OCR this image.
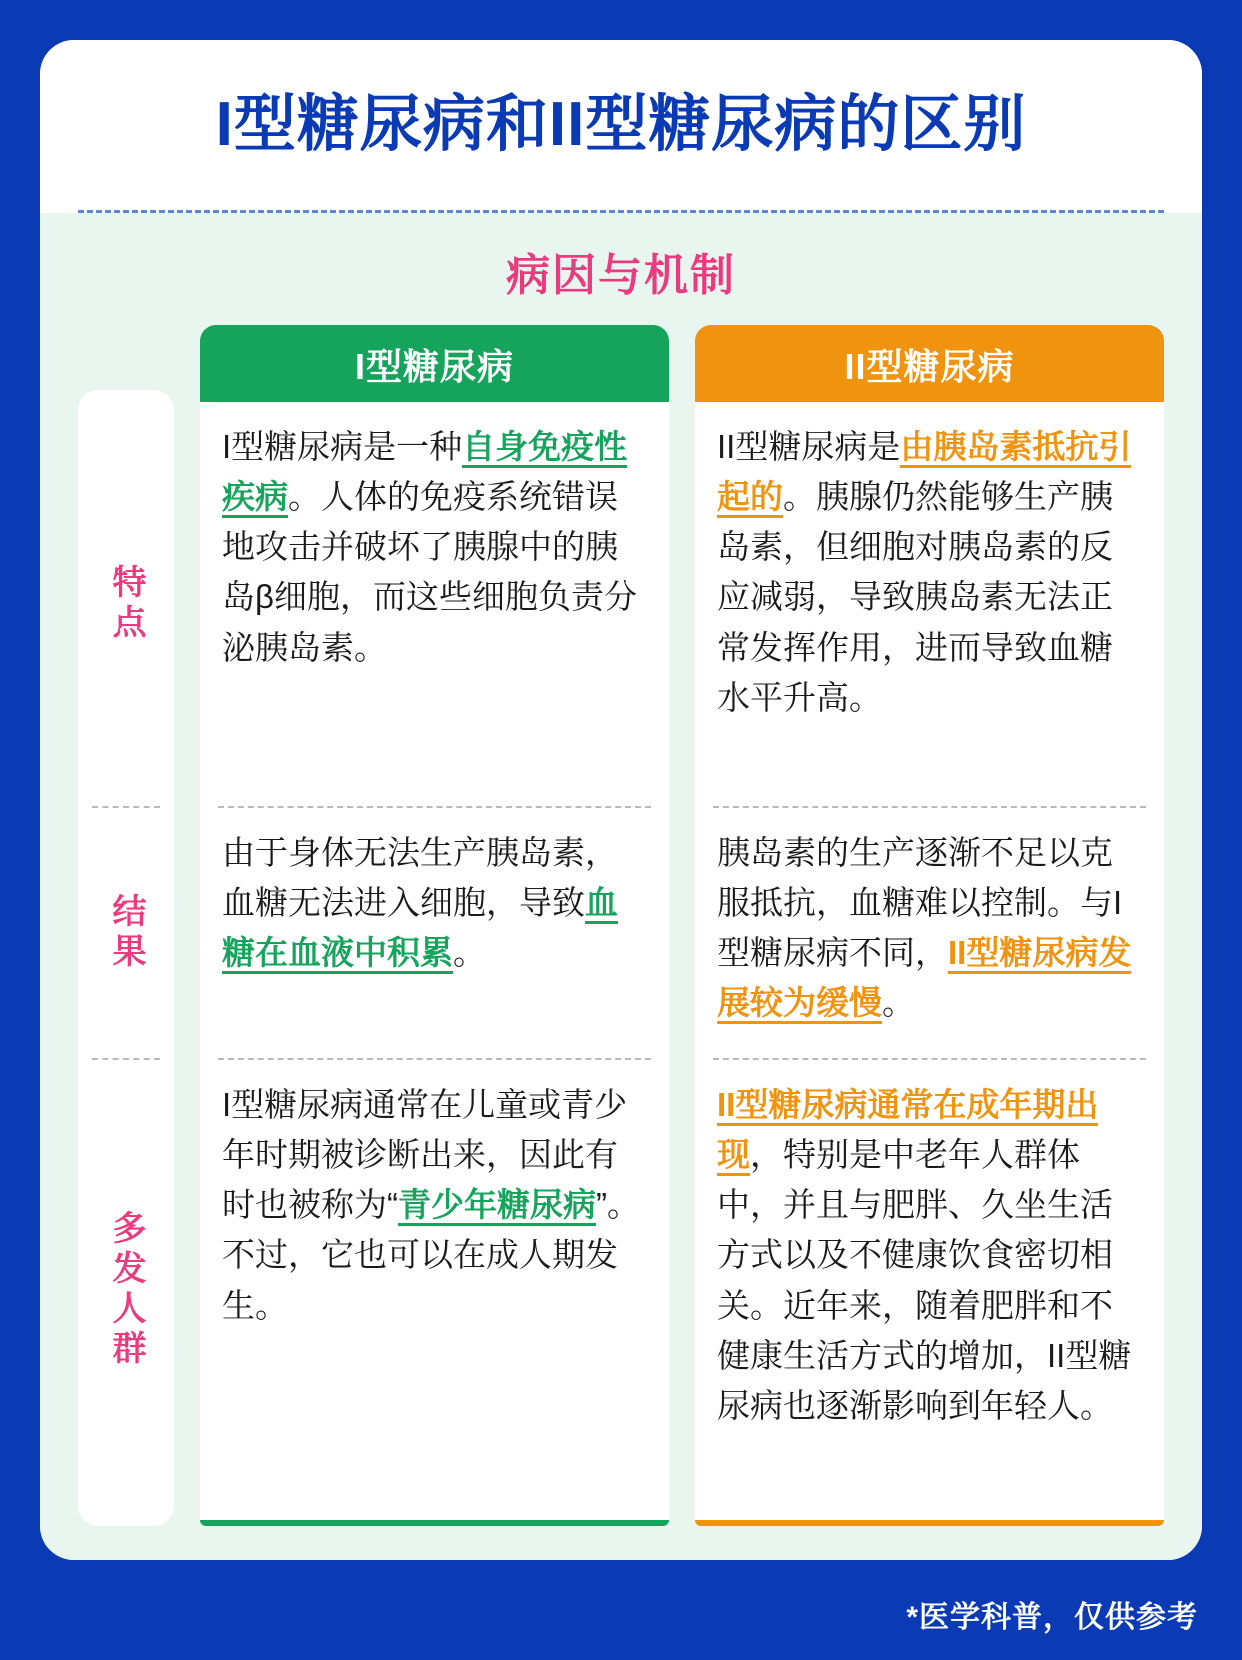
I型糖尿病和II型糖尿病的区别
病因与机制
I型糖尿病	II型糖尿病
特点
结果
多发人群
I型糖尿病是一种自身免疫性疾病。人体的免疫系统错误地攻击并破坏了胰腺中的胰岛β细胞，而这些细胞负责分泌胰岛素。
由于身体无法生产胰岛素，血糖无法进入细胞，导致血糖在血液中积累。
I型糖尿病通常在儿童或青少年时期被诊断出来，因此有时也被称为“青少年糖尿病”。不过，它也可以在成人期发生。
II型糖尿病是由胰岛素抵抗引起的。胰腺仍然能够生产胰岛素，但细胞对胰岛素的反应减弱，导致胰岛素无法正常发挥作用，进而导致血糖水平升高。
胰岛素的生产逐渐不足以克服抵抗，血糖难以控制。与I型糖尿病不同，II型糖尿病发展较为缓慢。
II型糖尿病通常在成年期出现，特别是中老年人群体中，并且与肥胖、久坐生活方式以及不健康饮食密切相关。近年来，随着肥胖和不健康生活方式的增加，II型糖尿病也逐渐影响到年轻人。
*医学科普，仅供参考
